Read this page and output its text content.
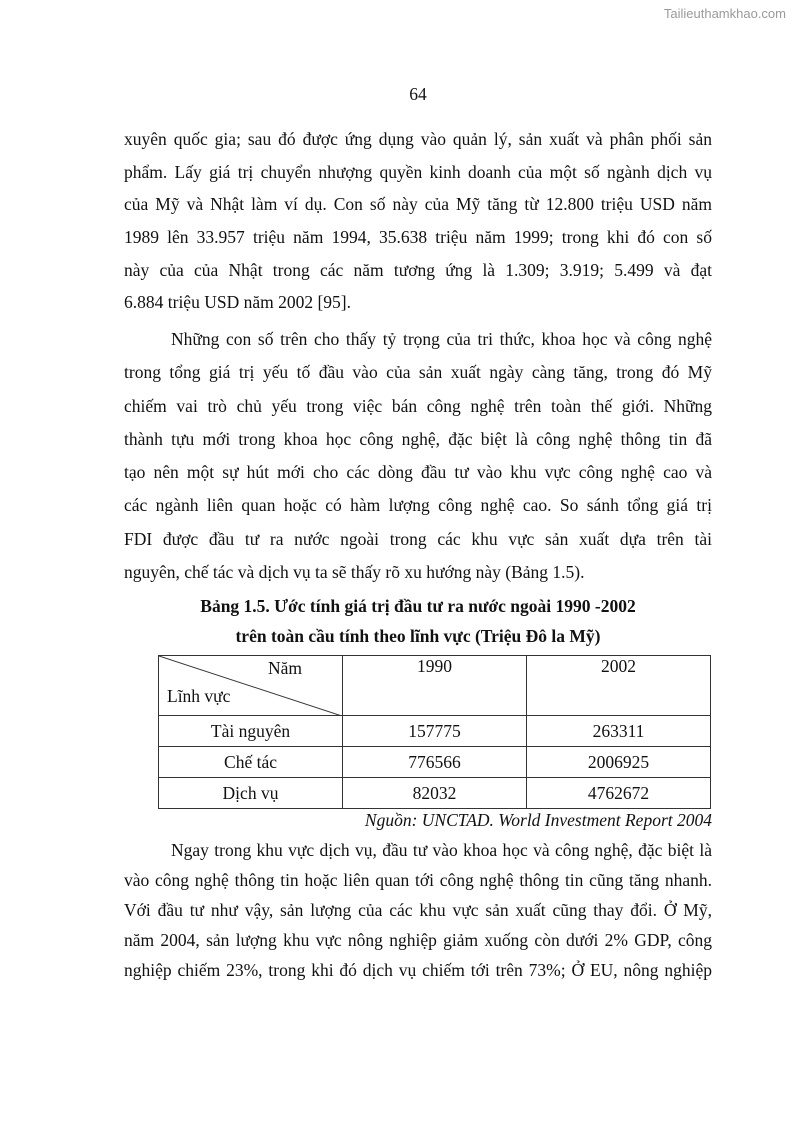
Tailieuthamkhao.com
64
xuyên quốc gia; sau đó được ứng dụng vào quản lý, sản xuất và phân phối sản
phẩm. Lấy giá trị chuyển nhượng quyền kinh doanh của một số ngành dịch vụ
của Mỹ và Nhật làm ví dụ. Con số này của Mỹ tăng từ 12.800 triệu USD năm
1989 lên 33.957 triệu năm 1994, 35.638 triệu năm 1999; trong khi đó con số
này của của Nhật trong các năm tương ứng là 1.309; 3.919; 5.499 và đạt
6.884 triệu USD năm 2002 [95].
Những con số trên cho thấy tỷ trọng của tri thức, khoa học và công nghệ
trong tổng giá trị yếu tố đầu vào của sản xuất ngày càng tăng, trong đó Mỹ
chiếm vai trò chủ yếu trong việc bán công nghệ trên toàn thế giới. Những
thành tựu mới trong khoa học công nghệ, đặc biệt là công nghệ thông tin đã
tạo nên một sự hút mới cho các dòng đầu tư vào khu vực công nghệ cao và
các ngành liên quan hoặc có hàm lượng công nghệ cao. So sánh tổng giá trị
FDI được đầu tư ra nước ngoài trong các khu vực sản xuất dựa trên tài
nguyên, chế tác và dịch vụ ta sẽ thấy rõ xu hướng này (Bảng 1.5).
Bảng 1.5. Ước tính giá trị đầu tư ra nước ngoài 1990 -2002
trên toàn cầu tính theo lĩnh vực (Triệu Đô la Mỹ)
Năm
Lĩnh vực	1990	2002
Tài nguyên	157775	263311
Chế tác	776566	2006925
Dịch vụ	82032	4762672
Nguồn: UNCTAD. World Investment Report 2004
Ngay trong khu vực dịch vụ, đầu tư vào khoa học và công nghệ, đặc biệt là
vào công nghệ thông tin hoặc liên quan tới công nghệ thông tin cũng tăng nhanh.
Với đầu tư như vậy, sản lượng của các khu vực sản xuất cũng thay đổi. Ở Mỹ,
năm 2004, sản lượng khu vực nông nghiệp giảm xuống còn dưới 2% GDP, công
nghiệp chiếm 23%, trong khi đó dịch vụ chiếm tới trên 73%; Ở EU, nông nghiệp
